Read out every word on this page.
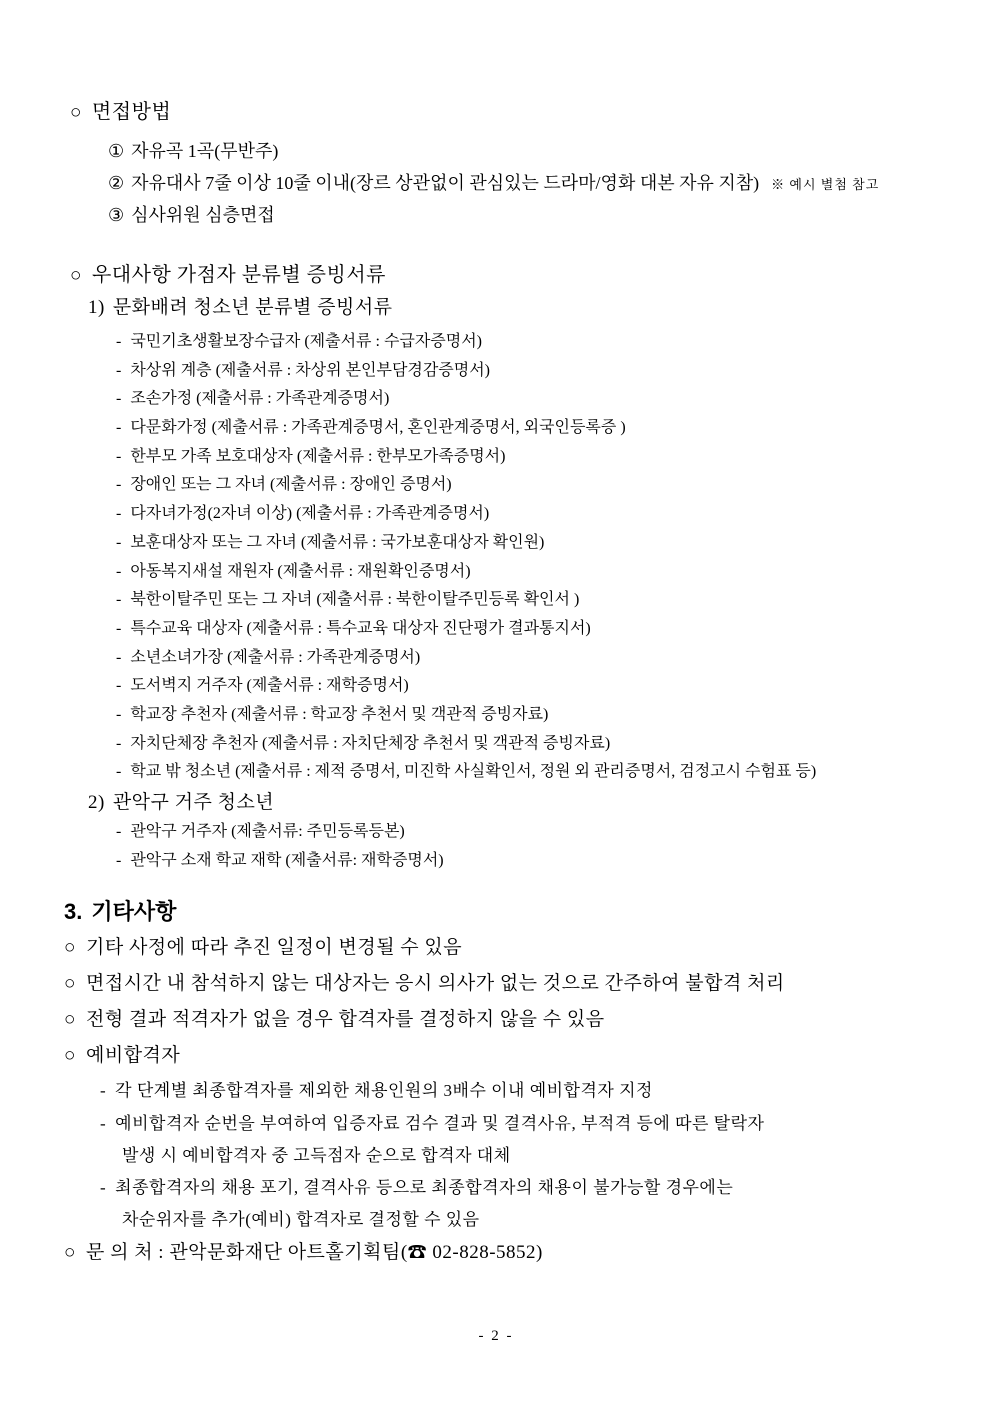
○ 면접방법
① 자유곡 1곡(무반주)
② 자유대사 7줄 이상 10줄 이내(장르 상관없이 관심있는 드라마/영화 대본 자유 지참) ※ 예시 별첨 참고
③ 심사위원 심층면접
○ 우대사항 가점자 분류별 증빙서류
1) 문화배려 청소년 분류별 증빙서류
- 국민기초생활보장수급자 (제출서류 : 수급자증명서)
- 차상위 계층 (제출서류 : 차상위 본인부담경감증명서)
- 조손가정 (제출서류 : 가족관계증명서)
- 다문화가정 (제출서류 : 가족관계증명서, 혼인관계증명서, 외국인등록증 )
- 한부모 가족 보호대상자 (제출서류 : 한부모가족증명서)
- 장애인 또는 그 자녀 (제출서류 : 장애인 증명서)
- 다자녀가정(2자녀 이상) (제출서류 : 가족관계증명서)
- 보훈대상자 또는 그 자녀 (제출서류 : 국가보훈대상자 확인원)
- 아동복지새설 재원자 (제출서류 : 재원확인증명서)
- 북한이탈주민 또는 그 자녀 (제출서류 : 북한이탈주민등록 확인서 )
- 특수교육 대상자 (제출서류 : 특수교육 대상자 진단평가 결과통지서)
- 소년소녀가장 (제출서류 : 가족관계증명서)
- 도서벽지 거주자 (제출서류 : 재학증명서)
- 학교장 추천자 (제출서류 : 학교장 추천서 및 객관적 증빙자료)
- 자치단체장 추천자 (제출서류 : 자치단체장 추천서 및 객관적 증빙자료)
- 학교 밖 청소년 (제출서류 : 제적 증명서, 미진학 사실확인서, 정원 외 관리증명서, 검정고시 수험표 등)
2) 관악구 거주 청소년
- 관악구 거주자 (제출서류: 주민등록등본)
- 관악구 소재 학교 재학 (제출서류: 재학증명서)
3. 기타사항
○ 기타 사정에 따라 추진 일정이 변경될 수 있음
○ 면접시간 내 참석하지 않는 대상자는 응시 의사가 없는 것으로 간주하여 불합격 처리
○ 전형 결과 적격자가 없을 경우 합격자를 결정하지 않을 수 있음
○ 예비합격자
- 각 단계별 최종합격자를 제외한 채용인원의 3배수 이내 예비합격자 지정
- 예비합격자 순번을 부여하여 입증자료 검수 결과 및 결격사유, 부적격 등에 따른 탈락자
발생 시 예비합격자 중 고득점자 순으로 합격자 대체
- 최종합격자의 채용 포기, 결격사유 등으로 최종합격자의 채용이 불가능할 경우에는
차순위자를 추가(예비) 합격자로 결정할 수 있음
○ 문 의 처 : 관악문화재단 아트홀기획팀(☎ 02-828-5852)
- 2 -
